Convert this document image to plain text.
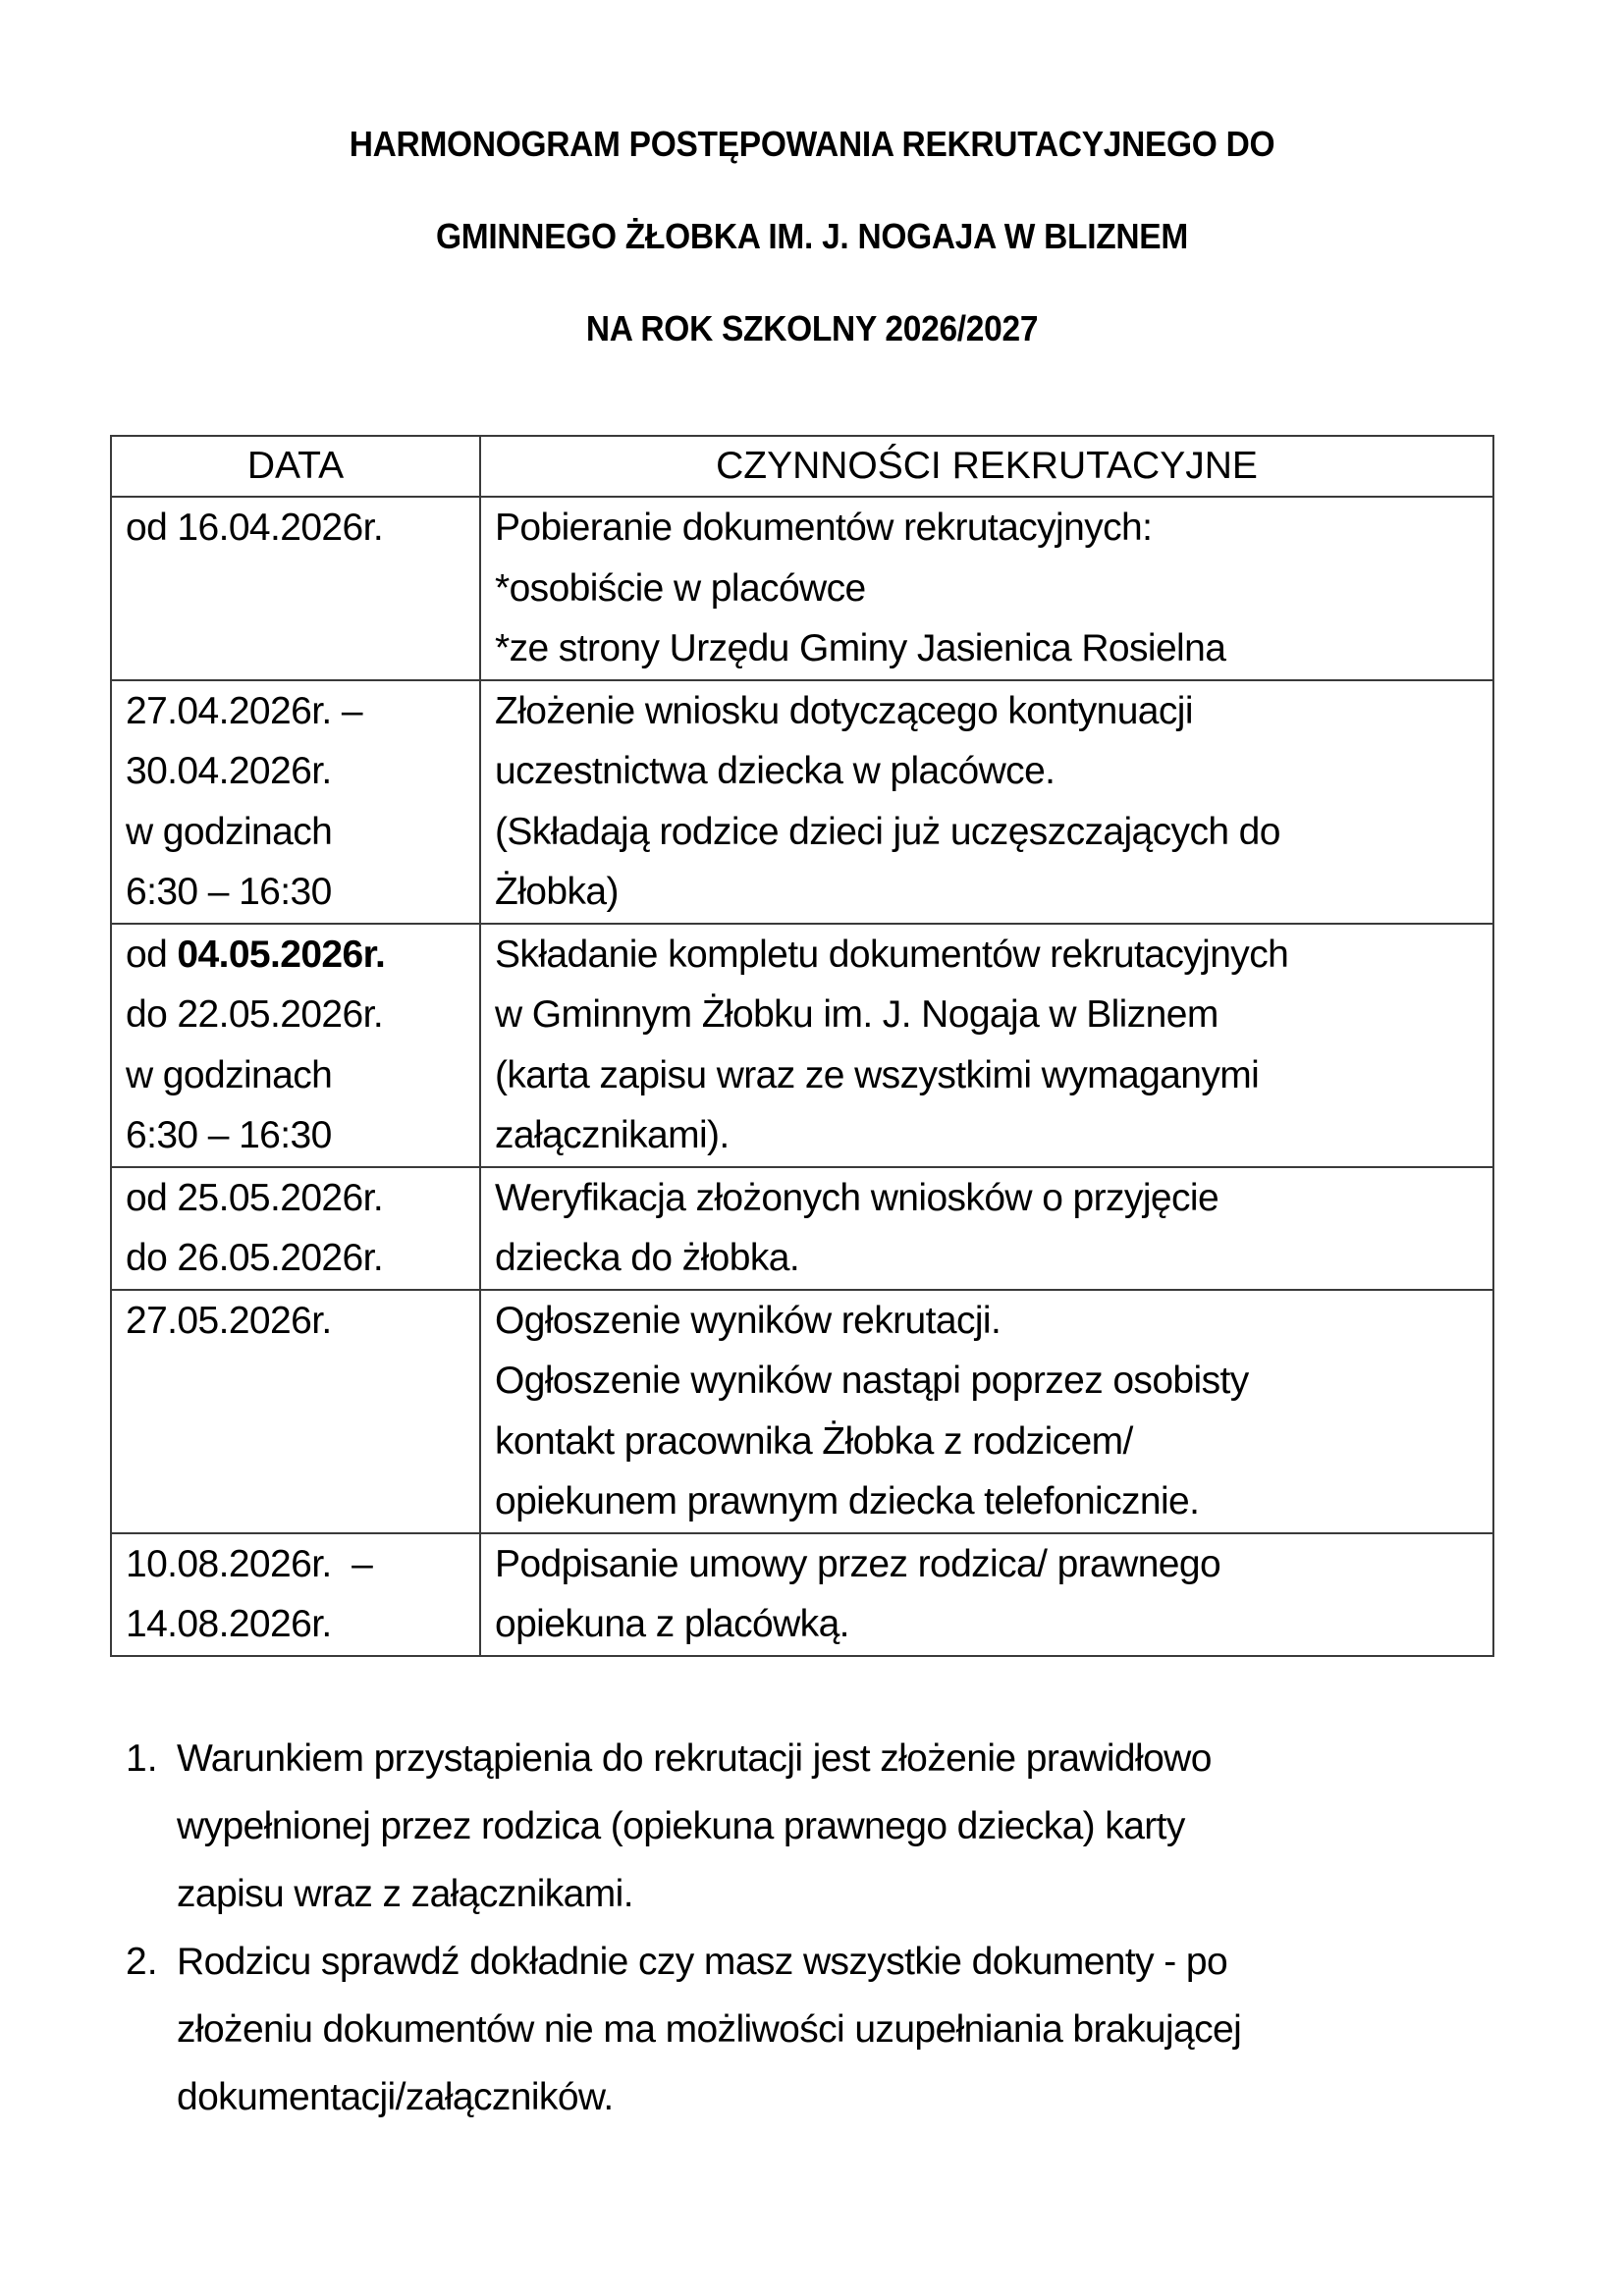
HARMONOGRAM POSTĘPOWANIA REKRUTACYJNEGO DO
GMINNEGO ŻŁOBKA IM. J. NOGAJA W BLIZNEM
NA ROK SZKOLNY 2026/2027
DATA	CZYNNOŚCI REKRUTACYJNE

od 16.04.2026r.	Pobieranie dokumentów rekrutacyjnych:
*osobiście w placówce
*ze strony Urzędu Gminy Jasienica Rosielna

27.04.2026r. –
30.04.2026r.
w godzinach
6:30 – 16:30	Złożenie wniosku dotyczącego kontynuacji
uczestnictwa dziecka w placówce.
(Składają rodzice dzieci już uczęszczających do
Żłobka)

od 04.05.2026r.
do 22.05.2026r.
w godzinach
6:30 – 16:30	Składanie kompletu dokumentów rekrutacyjnych
w Gminnym Żłobku im. J. Nogaja w Bliznem
(karta zapisu wraz ze wszystkimi wymaganymi
załącznikami).

od 25.05.2026r.
do 26.05.2026r.	Weryfikacja złożonych wniosków o przyjęcie
dziecka do żłobka.

27.05.2026r.	Ogłoszenie wyników rekrutacji.
Ogłoszenie wyników nastąpi poprzez osobisty
kontakt pracownika Żłobka z rodzicem/
opiekunem prawnym dziecka telefonicznie.

10.08.2026r.  –
14.08.2026r.	Podpisanie umowy przez rodzica/ prawnego
opiekuna z placówką.
1. Warunkiem przystąpienia do rekrutacji jest złożenie prawidłowo
wypełnionej przez rodzica (opiekuna prawnego dziecka) karty
zapisu wraz z załącznikami.
2. Rodzicu sprawdź dokładnie czy masz wszystkie dokumenty - po
złożeniu dokumentów nie ma możliwości uzupełniania brakującej
dokumentacji/załączników.
